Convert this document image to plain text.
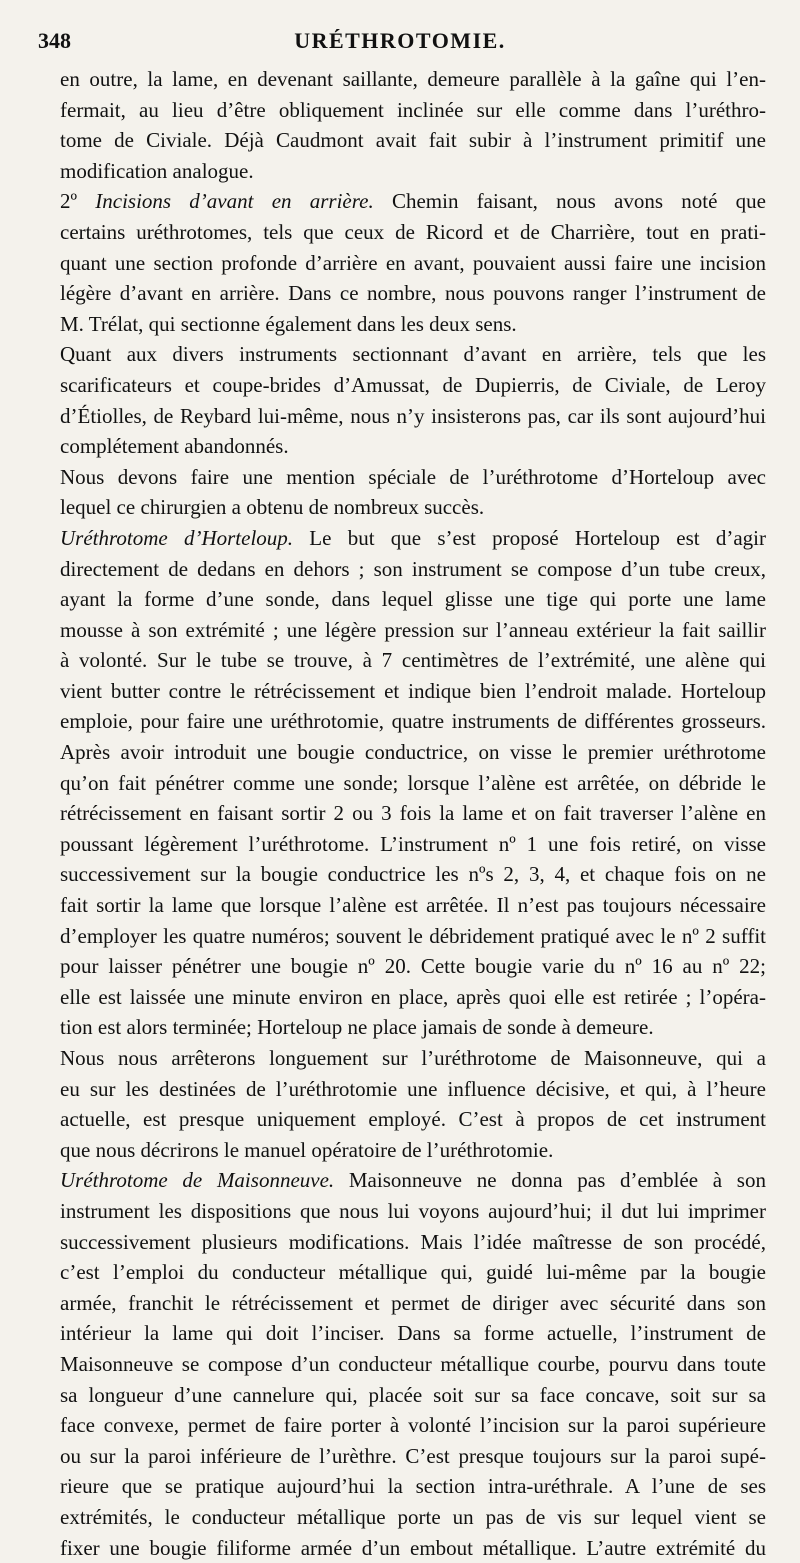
348	URÉTHROTOMIE.
en outre, la lame, en devenant saillante, demeure parallèle à la gaîne qui l’en-
fermait, au lieu d’être obliquement inclinée sur elle comme dans l’uréthro-
tome de Civiale. Déjà Caudmont avait fait subir à l’instrument primitif une
modification analogue.
2º Incisions d’avant en arrière. Chemin faisant, nous avons noté que
certains uréthrotomes, tels que ceux de Ricord et de Charrière, tout en prati-
quant une section profonde d’arrière en avant, pouvaient aussi faire une incision
légère d’avant en arrière. Dans ce nombre, nous pouvons ranger l’instrument de
M. Trélat, qui sectionne également dans les deux sens.
Quant aux divers instruments sectionnant d’avant en arrière, tels que les
scarificateurs et coupe-brides d’Amussat, de Dupierris, de Civiale, de Leroy
d’Étiolles, de Reybard lui-même, nous n’y insisterons pas, car ils sont aujourd’hui
complétement abandonnés.
Nous devons faire une mention spéciale de l’uréthrotome d’Horteloup avec
lequel ce chirurgien a obtenu de nombreux succès.
Uréthrotome d’Horteloup. Le but que s’est proposé Horteloup est d’agir
directement de dedans en dehors ; son instrument se compose d’un tube creux,
ayant la forme d’une sonde, dans lequel glisse une tige qui porte une lame
mousse à son extrémité ; une légère pression sur l’anneau extérieur la fait saillir
à volonté. Sur le tube se trouve, à 7 centimètres de l’extrémité, une alène qui
vient butter contre le rétrécissement et indique bien l’endroit malade. Horteloup
emploie, pour faire une uréthrotomie, quatre instruments de différentes grosseurs.
Après avoir introduit une bougie conductrice, on visse le premier uréthrotome
qu’on fait pénétrer comme une sonde; lorsque l’alène est arrêtée, on débride le
rétrécissement en faisant sortir 2 ou 3 fois la lame et on fait traverser l’alène en
poussant légèrement l’uréthrotome. L’instrument nº 1 une fois retiré, on visse
successivement sur la bougie conductrice les nºs 2, 3, 4, et chaque fois on ne
fait sortir la lame que lorsque l’alène est arrêtée. Il n’est pas toujours nécessaire
d’employer les quatre numéros; souvent le débridement pratiqué avec le nº 2 suffit
pour laisser pénétrer une bougie nº 20. Cette bougie varie du nº 16 au nº 22;
elle est laissée une minute environ en place, après quoi elle est retirée ; l’opéra-
tion est alors terminée; Horteloup ne place jamais de sonde à demeure.
Nous nous arrêterons longuement sur l’uréthrotome de Maisonneuve, qui a
eu sur les destinées de l’uréthrotomie une influence décisive, et qui, à l’heure
actuelle, est presque uniquement employé. C’est à propos de cet instrument
que nous décrirons le manuel opératoire de l’uréthrotomie.
Uréthrotome de Maisonneuve. Maisonneuve ne donna pas d’emblée à son
instrument les dispositions que nous lui voyons aujourd’hui; il dut lui imprimer
successivement plusieurs modifications. Mais l’idée maîtresse de son procédé,
c’est l’emploi du conducteur métallique qui, guidé lui-même par la bougie
armée, franchit le rétrécissement et permet de diriger avec sécurité dans son
intérieur la lame qui doit l’inciser. Dans sa forme actuelle, l’instrument de
Maisonneuve se compose d’un conducteur métallique courbe, pourvu dans toute
sa longueur d’une cannelure qui, placée soit sur sa face concave, soit sur sa
face convexe, permet de faire porter à volonté l’incision sur la paroi supérieure
ou sur la paroi inférieure de l’urèthre. C’est presque toujours sur la paroi supé-
rieure que se pratique aujourd’hui la section intra-uréthrale. A l’une de ses
extrémités, le conducteur métallique porte un pas de vis sur lequel vient se
fixer une bougie filiforme armée d’un embout métallique. L’autre extrémité du
